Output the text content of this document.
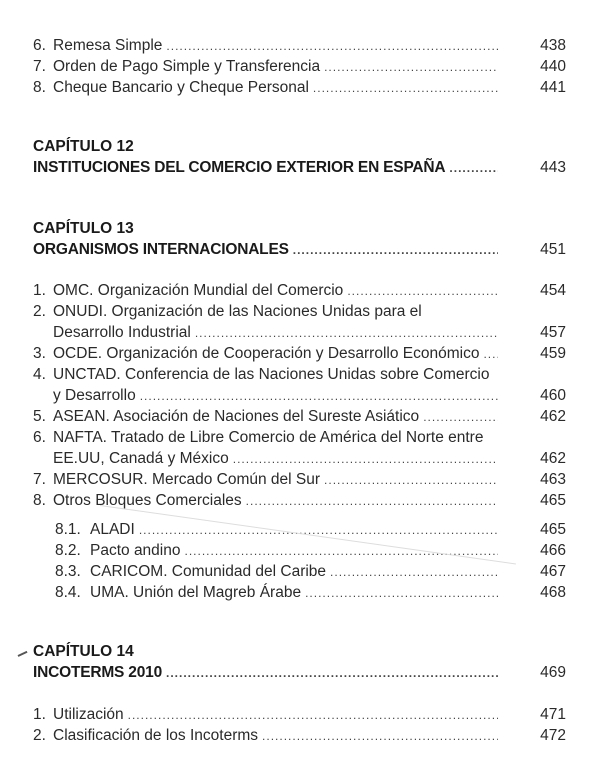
6. Remesa Simple .....	438
7. Orden de Pago Simple y Transferencia .....	440
8. Cheque Bancario y Cheque Personal .....	441
CAPÍTULO 12
INSTITUCIONES DEL COMERCIO EXTERIOR EN ESPAÑA .....	443
CAPÍTULO 13
ORGANISMOS INTERNACIONALES .....	451
1. OMC. Organización Mundial del Comercio .....	454
2. ONUDI. Organización de las Naciones Unidas para el
Desarrollo Industrial .....	457
3. OCDE. Organización de Cooperación y Desarrollo Económico .....	459
4. UNCTAD. Conferencia de las Naciones Unidas sobre Comercio
y Desarrollo .....	460
5. ASEAN. Asociación de Naciones del Sureste Asiático .....	462
6. NAFTA. Tratado de Libre Comercio de América del Norte entre
EE.UU, Canadá y México .....	462
7. MERCOSUR. Mercado Común del Sur .....	463
8. Otros Bloques Comerciales .....	465
8.1. ALADI .....	465
8.2. Pacto andino .....	466
8.3. CARICOM. Comunidad del Caribe .....	467
8.4. UMA. Unión del Magreb Árabe .....	468
CAPÍTULO 14
INCOTERMS 2010 .....	469
1. Utilización .....	471
2. Clasificación de los Incoterms .....	472
